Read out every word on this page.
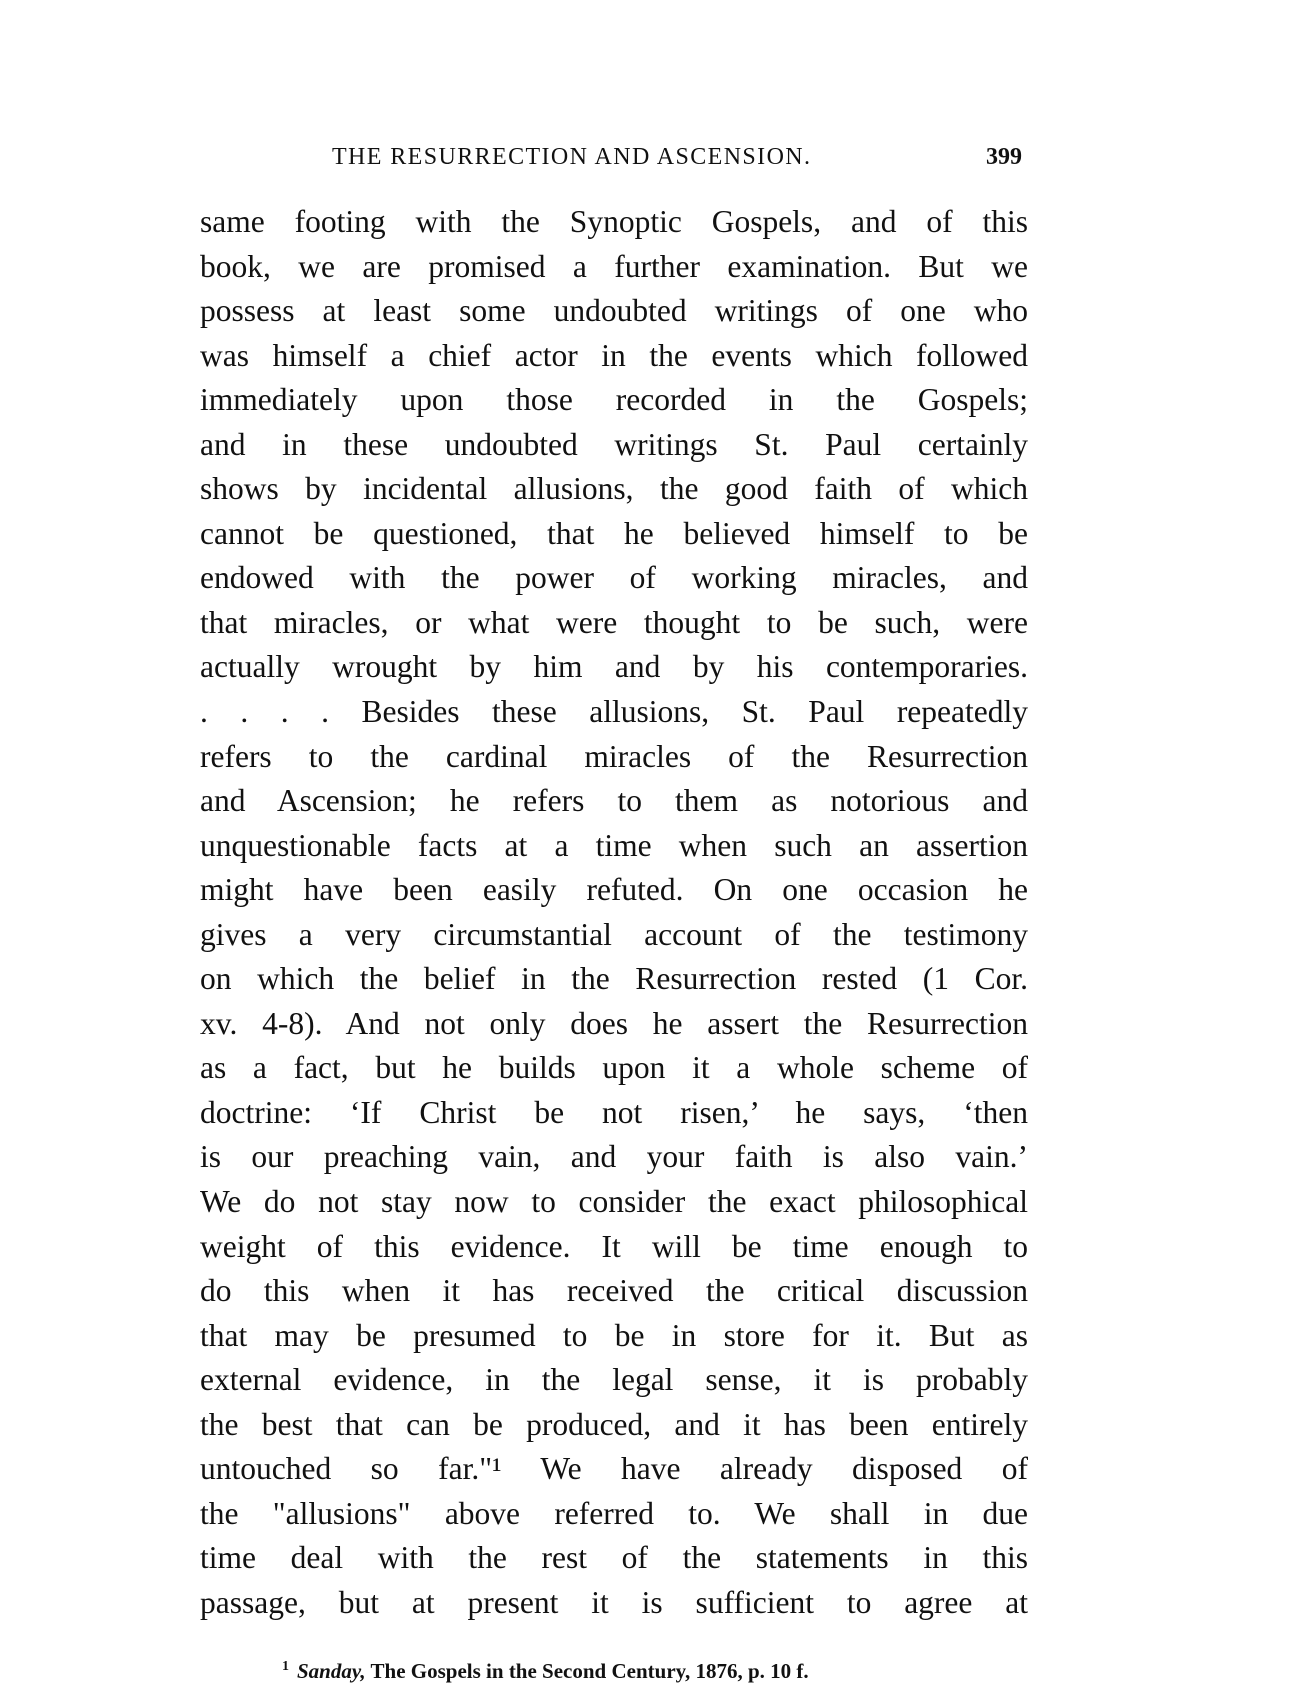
THE RESURRECTION AND ASCENSION.	399
same footing with the Synoptic Gospels, and of this
book, we are promised a further examination. But we
possess at least some undoubted writings of one who
was himself a chief actor in the events which followed
immediately upon those recorded in the Gospels;
and in these undoubted writings St. Paul certainly
shows by incidental allusions, the good faith of which
cannot be questioned, that he believed himself to be
endowed with the power of working miracles, and
that miracles, or what were thought to be such, were
actually wrought by him and by his contemporaries.
. . . . Besides these allusions, St. Paul repeatedly
refers to the cardinal miracles of the Resurrection
and Ascension; he refers to them as notorious and
unquestionable facts at a time when such an assertion
might have been easily refuted. On one occasion he
gives a very circumstantial account of the testimony
on which the belief in the Resurrection rested (1 Cor.
xv. 4-8). And not only does he assert the Resurrection
as a fact, but he builds upon it a whole scheme of
doctrine: ‘If Christ be not risen,’ he says, ‘then
is our preaching vain, and your faith is also vain.’
We do not stay now to consider the exact philosophical
weight of this evidence. It will be time enough to
do this when it has received the critical discussion
that may be presumed to be in store for it. But as
external evidence, in the legal sense, it is probably
the best that can be produced, and it has been entirely
untouched so far."¹ We have already disposed of
the "allusions" above referred to. We shall in due
time deal with the rest of the statements in this
passage, but at present it is sufficient to agree at
$^1$ Sanday, The Gospels in the Second Century, 1876, p. 10 f.
